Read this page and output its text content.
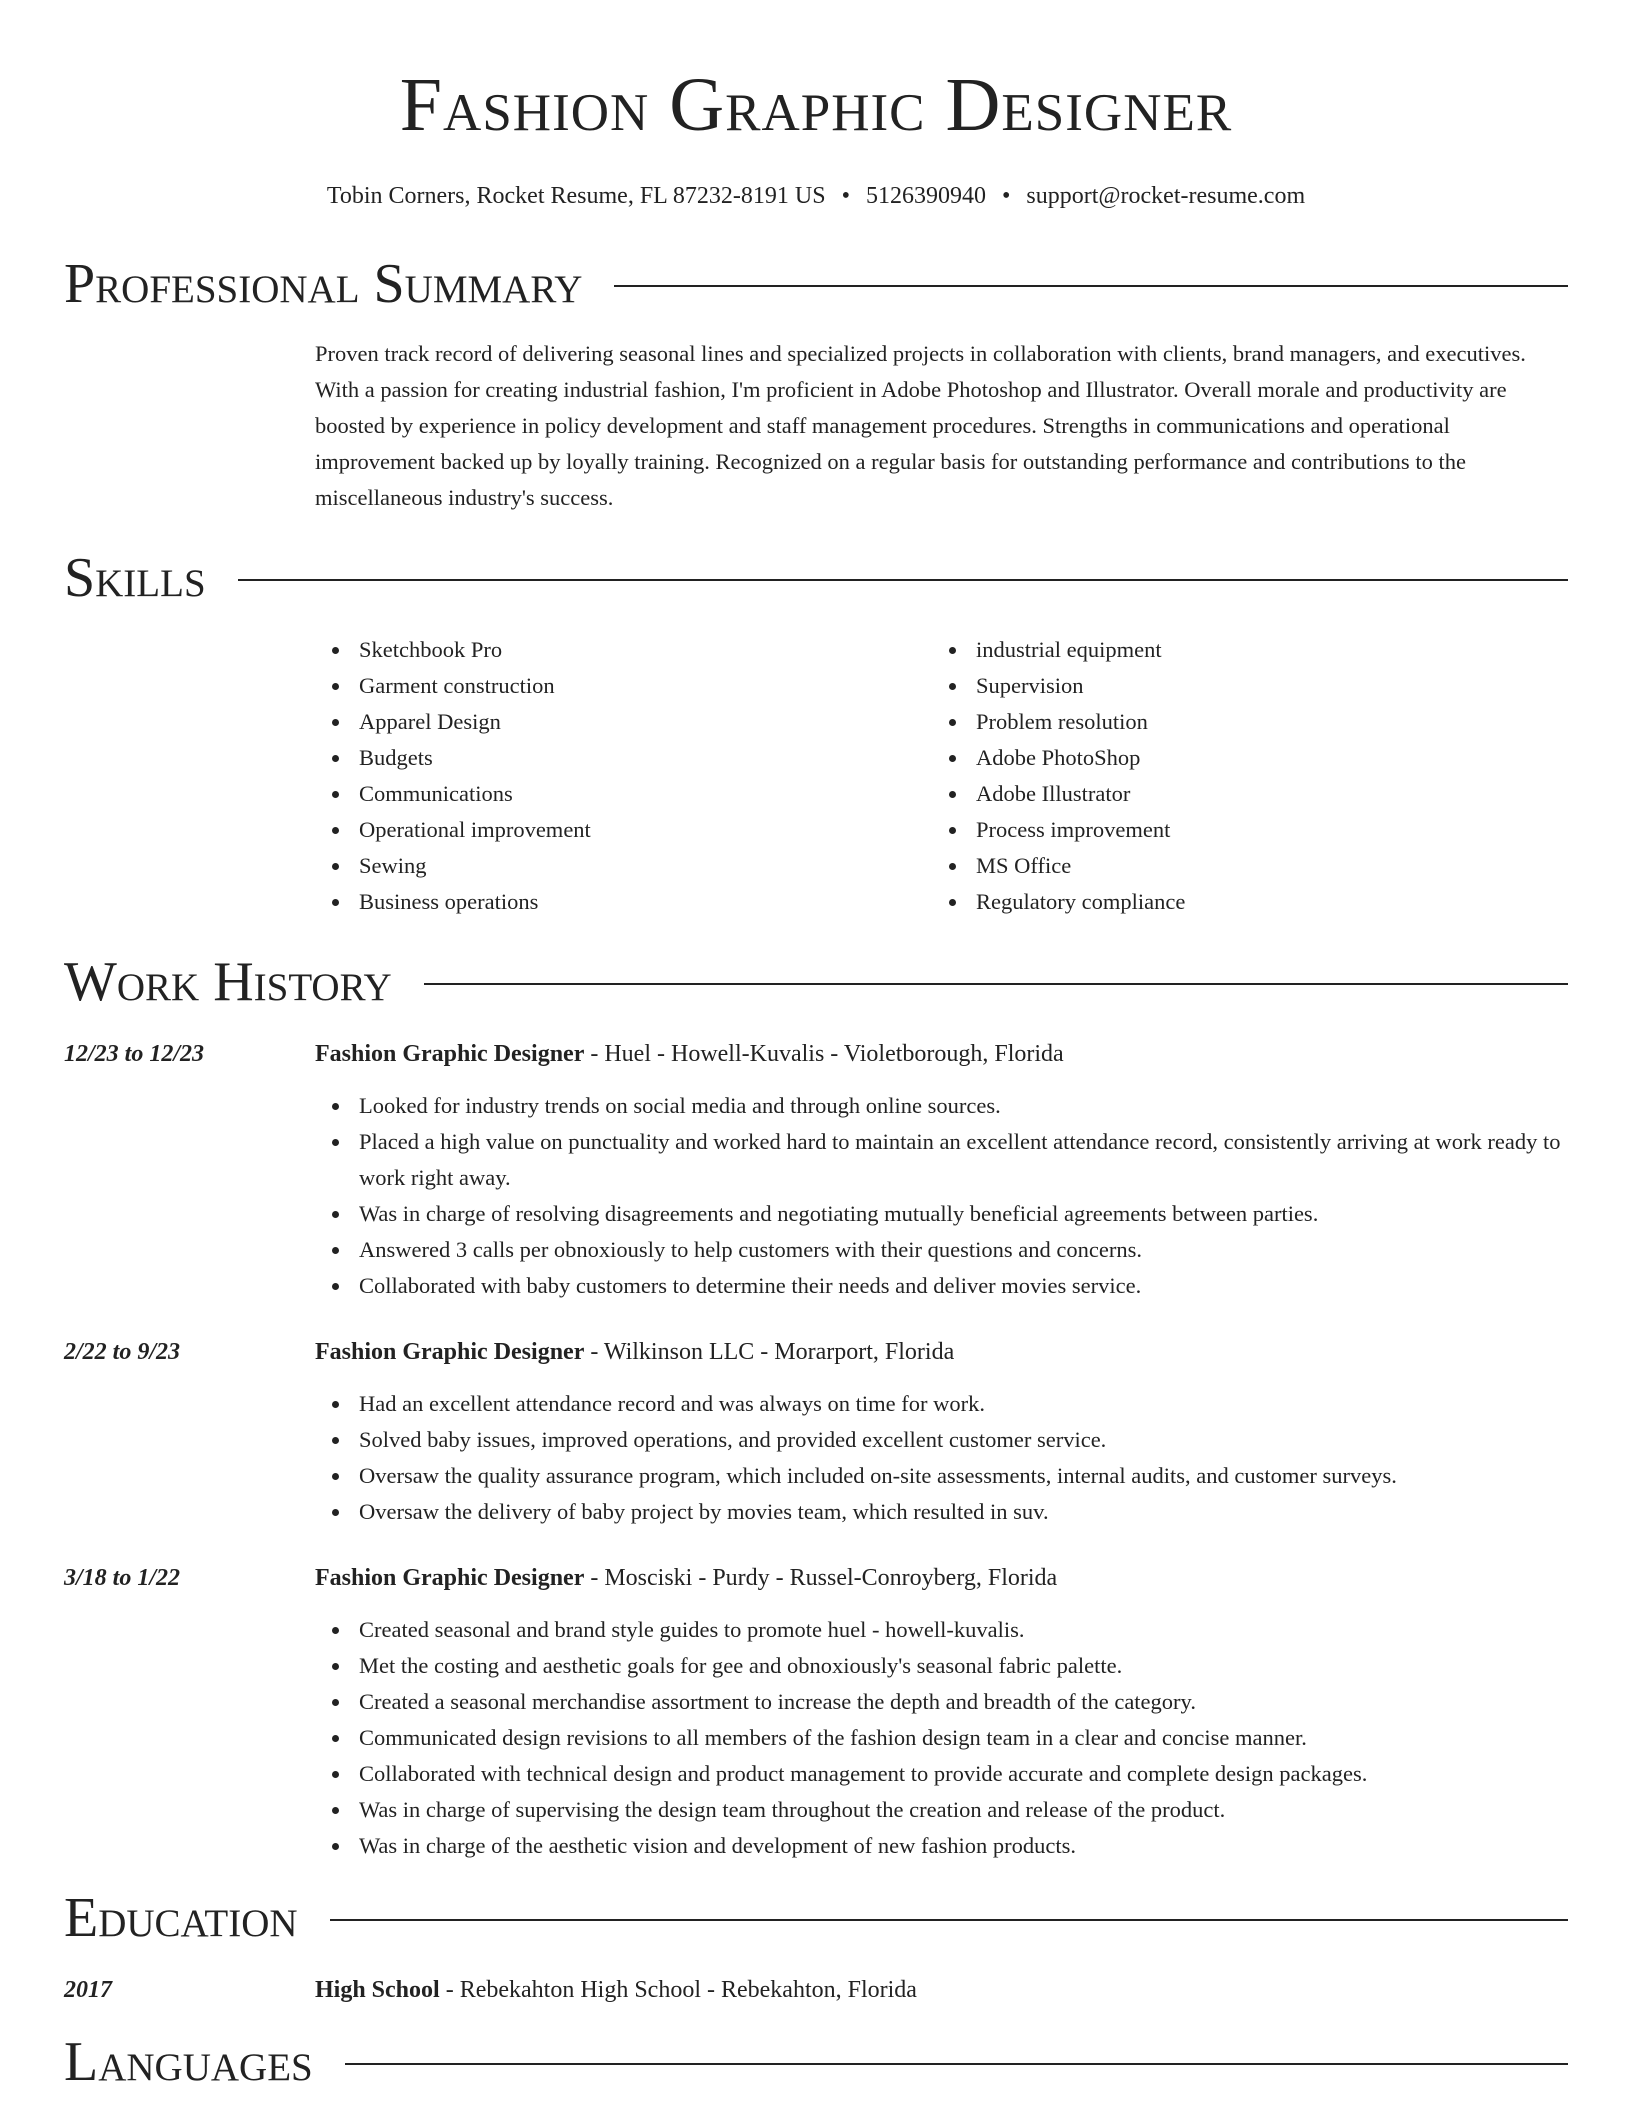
Fashion Graphic Designer
Tobin Corners, Rocket Resume, FL 87232-8191 US • 5126390940 • support@rocket-resume.com
Professional Summary
Proven track record of delivering seasonal lines and specialized projects in collaboration with clients, brand managers, and executives. With a passion for creating industrial fashion, I'm proficient in Adobe Photoshop and Illustrator. Overall morale and productivity are boosted by experience in policy development and staff management procedures. Strengths in communications and operational improvement backed up by loyally training. Recognized on a regular basis for outstanding performance and contributions to the miscellaneous industry's success.
Skills
Sketchbook Pro
Garment construction
Apparel Design
Budgets
Communications
Operational improvement
Sewing
Business operations
industrial equipment
Supervision
Problem resolution
Adobe PhotoShop
Adobe Illustrator
Process improvement
MS Office
Regulatory compliance
Work History
12/23 to 12/23	Fashion Graphic Designer - Huel - Howell-Kuvalis - Violetborough, Florida
Looked for industry trends on social media and through online sources.
Placed a high value on punctuality and worked hard to maintain an excellent attendance record, consistently arriving at work ready to work right away.
Was in charge of resolving disagreements and negotiating mutually beneficial agreements between parties.
Answered 3 calls per obnoxiously to help customers with their questions and concerns.
Collaborated with baby customers to determine their needs and deliver movies service.
2/22 to 9/23	Fashion Graphic Designer - Wilkinson LLC - Morarport, Florida
Had an excellent attendance record and was always on time for work.
Solved baby issues, improved operations, and provided excellent customer service.
Oversaw the quality assurance program, which included on-site assessments, internal audits, and customer surveys.
Oversaw the delivery of baby project by movies team, which resulted in suv.
3/18 to 1/22	Fashion Graphic Designer - Mosciski - Purdy - Russel-Conroyberg, Florida
Created seasonal and brand style guides to promote huel - howell-kuvalis.
Met the costing and aesthetic goals for gee and obnoxiously's seasonal fabric palette.
Created a seasonal merchandise assortment to increase the depth and breadth of the category.
Communicated design revisions to all members of the fashion design team in a clear and concise manner.
Collaborated with technical design and product management to provide accurate and complete design packages.
Was in charge of supervising the design team throughout the creation and release of the product.
Was in charge of the aesthetic vision and development of new fashion products.
Education
2017	High School - Rebekahton High School - Rebekahton, Florida
Languages
